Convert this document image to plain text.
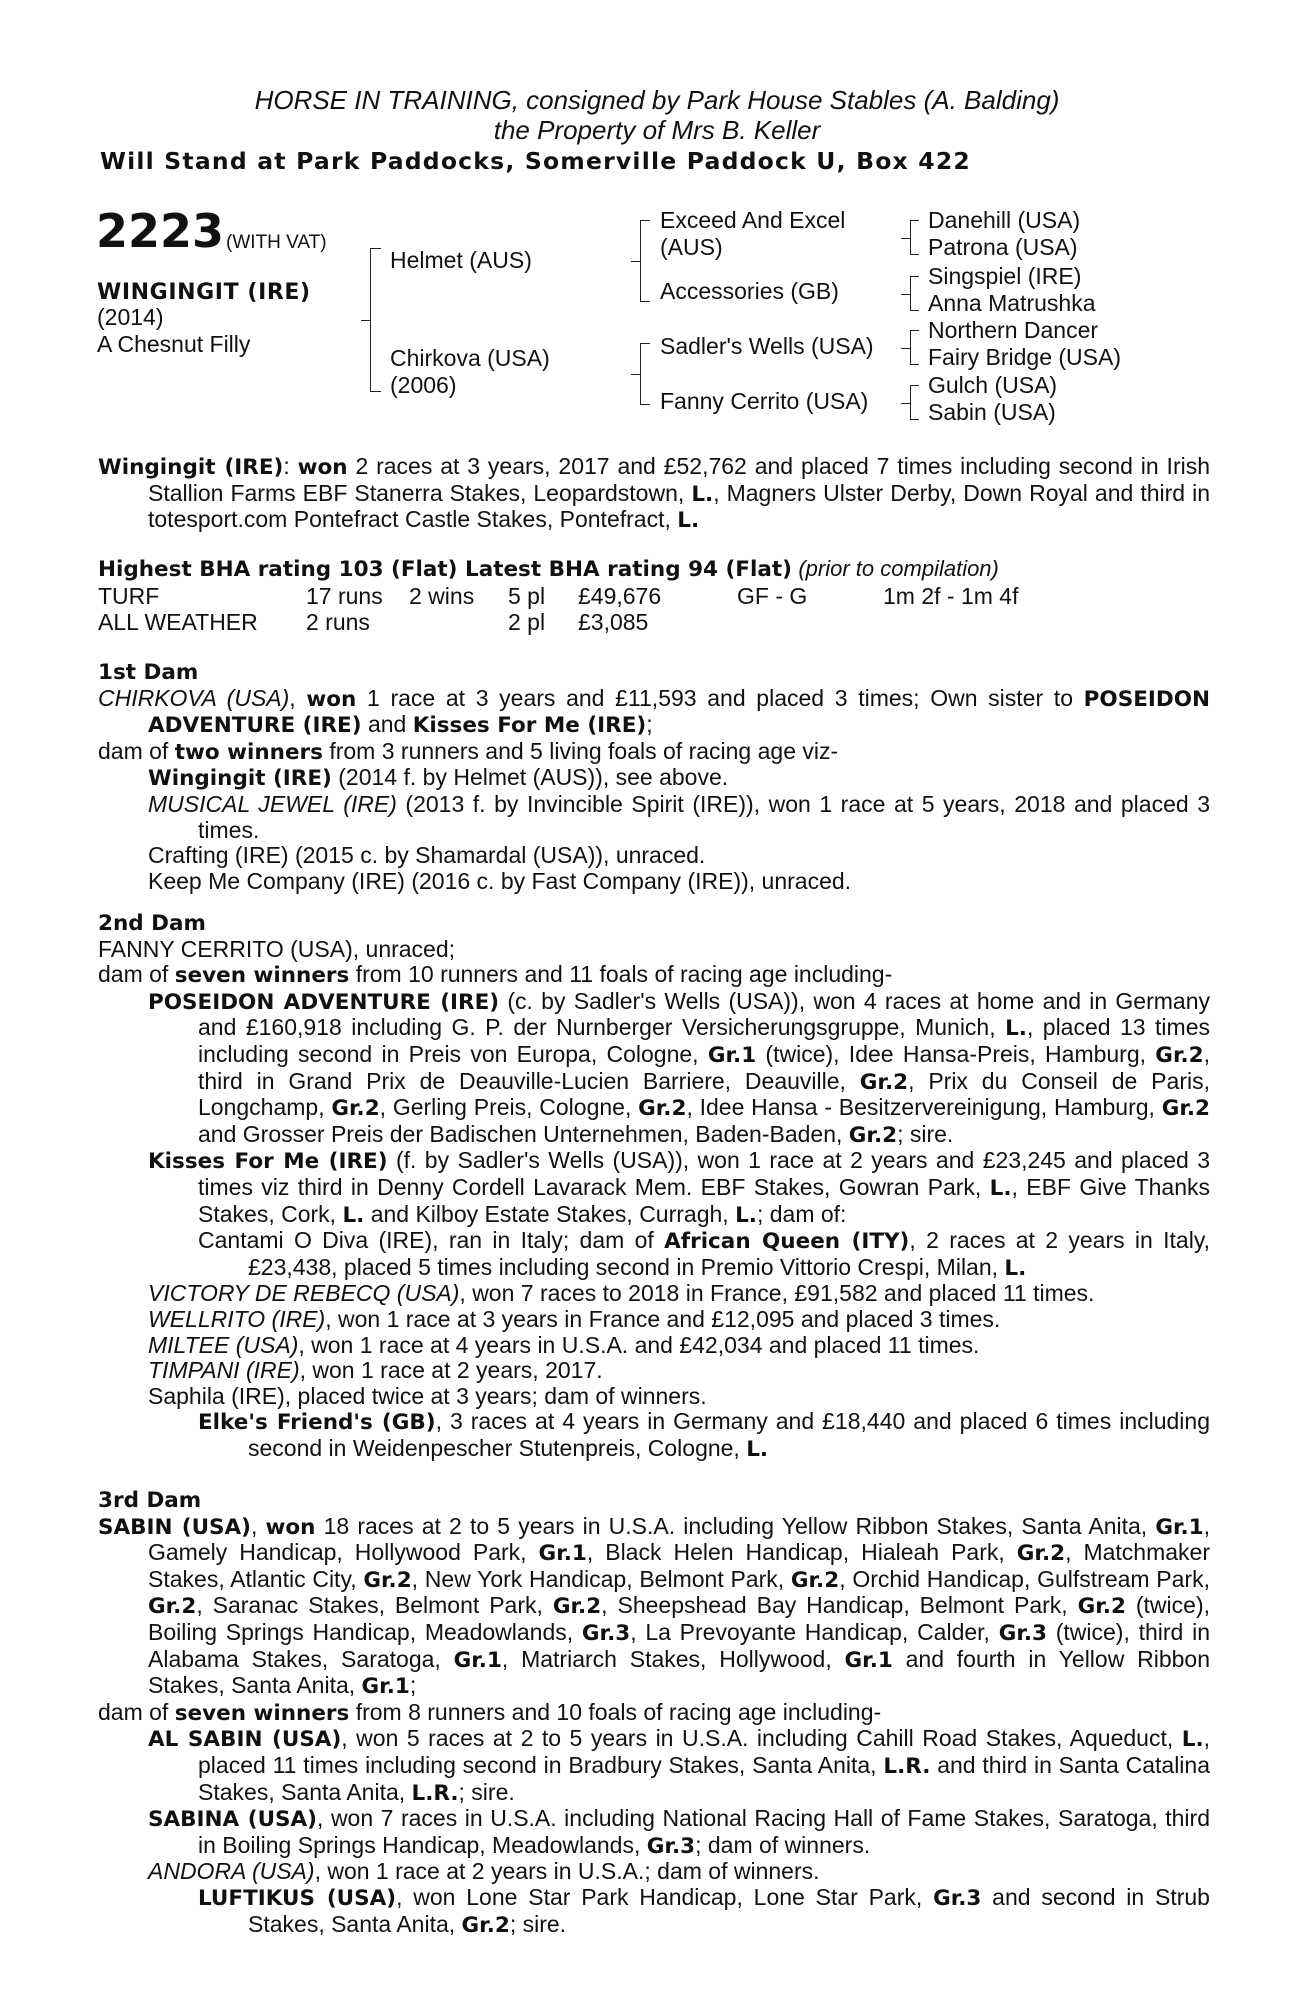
HORSE IN TRAINING, consigned by Park House Stables (A. Balding)
the Property of Mrs B. Keller
Will Stand at Park Paddocks, Somerville Paddock U, Box 422
2223 (WITH VAT)
WINGINGIT (IRE)
(2014)
A Chesnut Filly
Helmet (AUS)
Chirkova (USA)
(2006)
Exceed And Excel
(AUS)
Accessories (GB)
Sadler's Wells (USA)
Fanny Cerrito (USA)
Danehill (USA)
Patrona (USA)
Singspiel (IRE)
Anna Matrushka
Northern Dancer
Fairy Bridge (USA)
Gulch (USA)
Sabin (USA)

Wingingit (IRE): won 2 races at 3 years, 2017 and £52,762 and placed 7 times including second in Irish Stallion Farms EBF Stanerra Stakes, Leopardstown, L., Magners Ulster Derby, Down Royal and third in totesport.com Pontefract Castle Stakes, Pontefract, L.

Highest BHA rating 103 (Flat) Latest BHA rating 94 (Flat) (prior to compilation)

TURF	17 runs 2 wins 5 pl £49,676	GF - G	1m 2f - 1m 4f
ALL WEATHER 2 runs	2 pl £3,085

1st Dam

CHIRKOVA (USA), won 1 race at 3 years and £11,593 and placed 3 times; Own sister to POSEIDON ADVENTURE (IRE) and Kisses For Me (IRE);

dam of two winners from 3 runners and 5 living foals of racing age viz-

Wingingit (IRE) (2014 f. by Helmet (AUS)), see above.

MUSICAL JEWEL (IRE) (2013 f. by Invincible Spirit (IRE)), won 1 race at 5 years, 2018 and placed 3 times.

Crafting (IRE) (2015 c. by Shamardal (USA)), unraced.

Keep Me Company (IRE) (2016 c. by Fast Company (IRE)), unraced.

2nd Dam

FANNY CERRITO (USA), unraced;

dam of seven winners from 10 runners and 11 foals of racing age including-

POSEIDON ADVENTURE (IRE) (c. by Sadler's Wells (USA)), won 4 races at home and in Germany and £160,918 including G. P. der Nurnberger Versicherungsgruppe, Munich, L., placed 13 times including second in Preis von Europa, Cologne, Gr.1 (twice), Idee Hansa-Preis, Hamburg, Gr.2, third in Grand Prix de Deauville-Lucien Barriere, Deauville, Gr.2, Prix du Conseil de Paris, Longchamp, Gr.2, Gerling Preis, Cologne, Gr.2, Idee Hansa - Besitzervereinigung, Hamburg, Gr.2 and Grosser Preis der Badischen Unternehmen, Baden-Baden, Gr.2; sire.

Kisses For Me (IRE) (f. by Sadler's Wells (USA)), won 1 race at 2 years and £23,245 and placed 3 times viz third in Denny Cordell Lavarack Mem. EBF Stakes, Gowran Park, L., EBF Give Thanks Stakes, Cork, L. and Kilboy Estate Stakes, Curragh, L.; dam of:

Cantami O Diva (IRE), ran in Italy; dam of African Queen (ITY), 2 races at 2 years in Italy, £23,438, placed 5 times including second in Premio Vittorio Crespi, Milan, L.

VICTORY DE REBECQ (USA), won 7 races to 2018 in France, £91,582 and placed 11 times.

WELLRITO (IRE), won 1 race at 3 years in France and £12,095 and placed 3 times.

MILTEE (USA), won 1 race at 4 years in U.S.A. and £42,034 and placed 11 times.

TIMPANI (IRE), won 1 race at 2 years, 2017.

Saphila (IRE), placed twice at 3 years; dam of winners.

Elke's Friend's (GB), 3 races at 4 years in Germany and £18,440 and placed 6 times including second in Weidenpescher Stutenpreis, Cologne, L.

3rd Dam

SABIN (USA), won 18 races at 2 to 5 years in U.S.A. including Yellow Ribbon Stakes, Santa Anita, Gr.1, Gamely Handicap, Hollywood Park, Gr.1, Black Helen Handicap, Hialeah Park, Gr.2, Matchmaker Stakes, Atlantic City, Gr.2, New York Handicap, Belmont Park, Gr.2, Orchid Handicap, Gulfstream Park, Gr.2, Saranac Stakes, Belmont Park, Gr.2, Sheepshead Bay Handicap, Belmont Park, Gr.2 (twice), Boiling Springs Handicap, Meadowlands, Gr.3, La Prevoyante Handicap, Calder, Gr.3 (twice), third in Alabama Stakes, Saratoga, Gr.1, Matriarch Stakes, Hollywood, Gr.1 and fourth in Yellow Ribbon Stakes, Santa Anita, Gr.1;

dam of seven winners from 8 runners and 10 foals of racing age including-

AL SABIN (USA), won 5 races at 2 to 5 years in U.S.A. including Cahill Road Stakes, Aqueduct, L., placed 11 times including second in Bradbury Stakes, Santa Anita, L.R. and third in Santa Catalina Stakes, Santa Anita, L.R.; sire.

SABINA (USA), won 7 races in U.S.A. including National Racing Hall of Fame Stakes, Saratoga, third in Boiling Springs Handicap, Meadowlands, Gr.3; dam of winners.

ANDORA (USA), won 1 race at 2 years in U.S.A.; dam of winners.

LUFTIKUS (USA), won Lone Star Park Handicap, Lone Star Park, Gr.3 and second in Strub Stakes, Santa Anita, Gr.2; sire.
